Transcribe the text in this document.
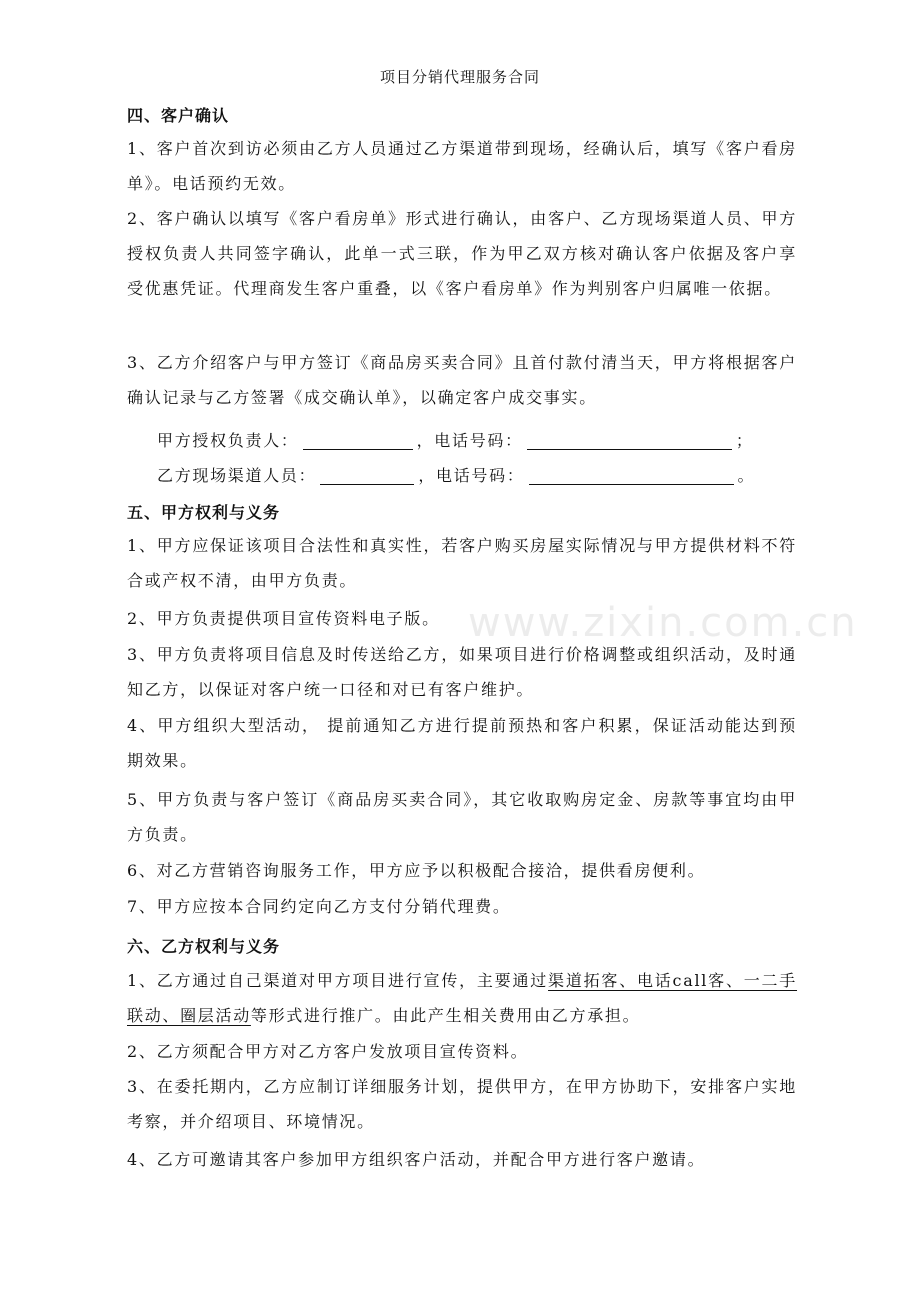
www.zixin.com.cn
项目分销代理服务合同
四、客户确认
1、客户首次到访必须由乙方人员通过乙方渠道带到现场，经确认后，填写《客户看房单》。电话预约无效。
2、客户确认以填写《客户看房单》形式进行确认，由客户、乙方现场渠道人员、甲方授权负责人共同签字确认，此单一式三联，作为甲乙双方核对确认客户依据及客户享受优惠凭证。代理商发生客户重叠，以《客户看房单》作为判别客户归属唯一依据。
3、乙方介绍客户与甲方签订《商品房买卖合同》且首付款付清当天，甲方将根据客户确认记录与乙方签署《成交确认单》，以确定客户成交事实。
甲方授权负责人：	，电话号码：	；
乙方现场渠道人员：	，电话号码：	。
五、甲方权利与义务
1、甲方应保证该项目合法性和真实性，若客户购买房屋实际情况与甲方提供材料不符合或产权不清，由甲方负责。
2、甲方负责提供项目宣传资料电子版。
3、甲方负责将项目信息及时传送给乙方，如果项目进行价格调整或组织活动，及时通知乙方，以保证对客户统一口径和对已有客户维护。
4、甲方组织大型活动， 提前通知乙方进行提前预热和客户积累，保证活动能达到预期效果。
5、甲方负责与客户签订《商品房买卖合同》，其它收取购房定金、房款等事宜均由甲方负责。
6、对乙方营销咨询服务工作，甲方应予以积极配合接洽，提供看房便利。
7、甲方应按本合同约定向乙方支付分销代理费。
六、乙方权利与义务
1、乙方通过自己渠道对甲方项目进行宣传，主要通过渠道拓客、电话call客、一二手联动、圈层活动等形式进行推广。由此产生相关费用由乙方承担。
2、乙方须配合甲方对乙方客户发放项目宣传资料。
3、在委托期内，乙方应制订详细服务计划，提供甲方，在甲方协助下，安排客户实地考察，并介绍项目、环境情况。
4、乙方可邀请其客户参加甲方组织客户活动，并配合甲方进行客户邀请。
